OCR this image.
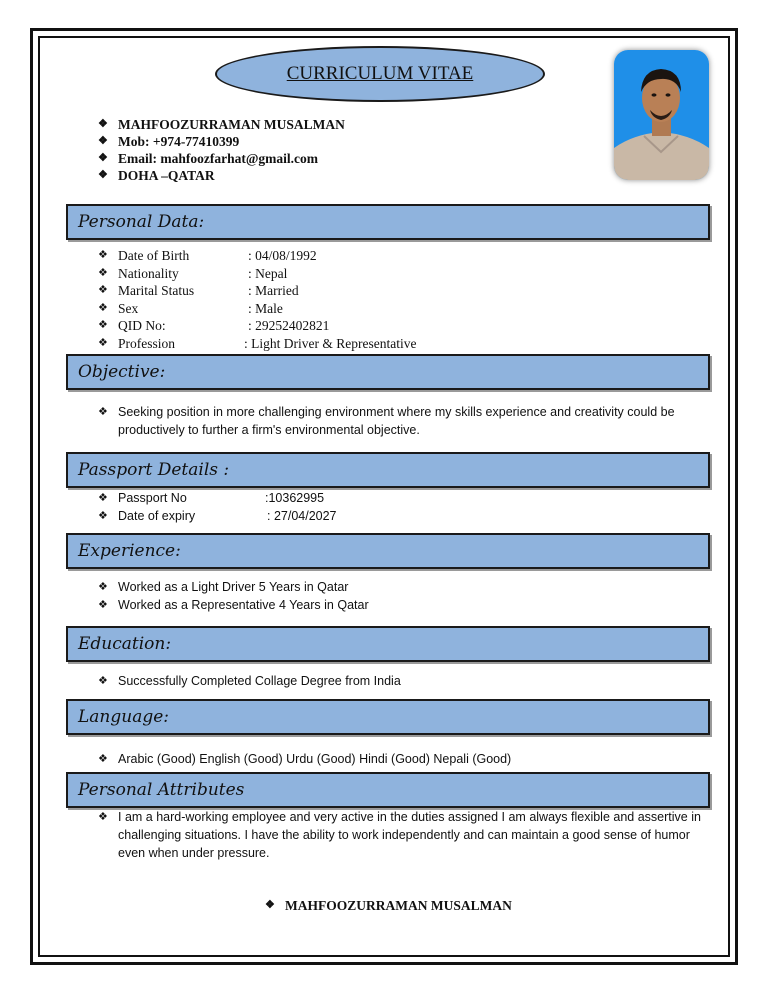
CURRICULUM VITAE
❖ MAHFOOZURRAMAN MUSALMAN
❖ Mob: +974-77410399
❖ Email: mahfoozfarhat@gmail.com
❖ DOHA –QATAR
Personal Data:
❖ Date of Birth	: 04/08/1992
❖ Nationality	: Nepal
❖ Marital Status	: Married
❖ Sex	: Male
❖ QID No:	: 29252402821
❖ Profession	: Light Driver & Representative
Objective:
❖ Seeking position in more challenging environment where my skills experience and creativity could be productively to further a firm's environmental objective.
Passport Details :
❖ Passport No	:10362995
❖ Date of expiry	: 27/04/2027
Experience:
❖ Worked as a Light Driver 5 Years in Qatar
❖ Worked as a Representative 4 Years in Qatar
Education:
❖ Successfully Completed Collage Degree from India
Language:
❖ Arabic (Good) English (Good) Urdu (Good) Hindi (Good) Nepali (Good)
Personal Attributes
❖ I am a hard-working employee and very active in the duties assigned I am always flexible and assertive in challenging situations. I have the ability to work independently and can maintain a good sense of humor even when under pressure.
❖ MAHFOOZURRAMAN MUSALMAN
